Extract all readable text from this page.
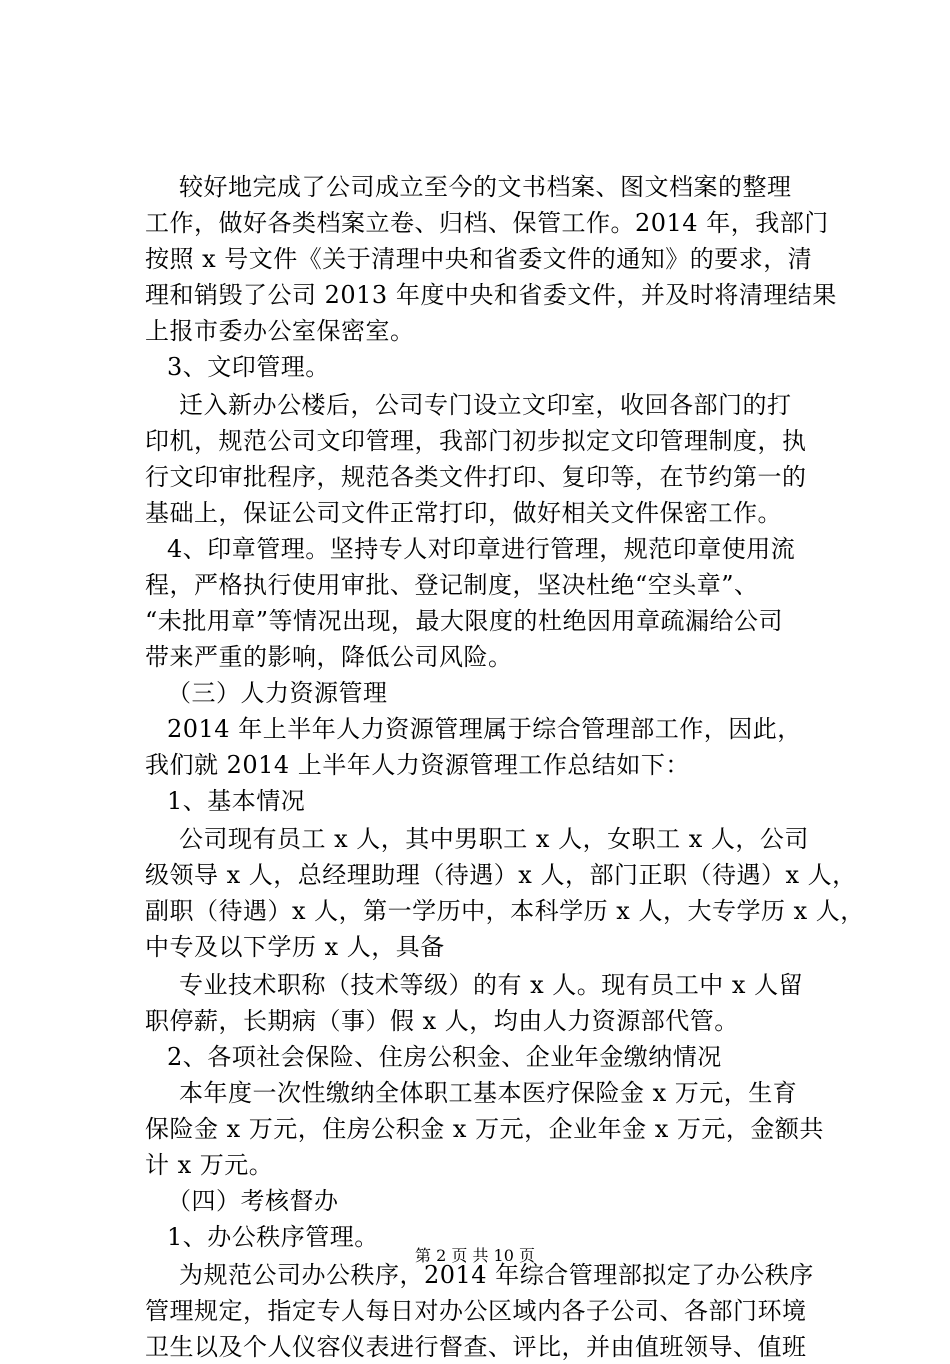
较好地完成了公司成立至今的文书档案、图文档案的整理
工作，做好各类档案立卷、归档、保管工作。2014 年，我部门
按照 x 号文件《关于清理中央和省委文件的通知》的要求，清
理和销毁了公司 2013 年度中央和省委文件，并及时将清理结果
上报市委办公室保密室。
3、文印管理。
迁入新办公楼后，公司专门设立文印室，收回各部门的打
印机，规范公司文印管理，我部门初步拟定文印管理制度，执
行文印审批程序，规范各类文件打印、复印等，在节约第一的
基础上，保证公司文件正常打印，做好相关文件保密工作。
4、印章管理。坚持专人对印章进行管理，规范印章使用流
程，严格执行使用审批、登记制度，坚决杜绝“空头章”、
“未批用章”等情况出现，最大限度的杜绝因用章疏漏给公司
带来严重的影响，降低公司风险。
（三）人力资源管理
2014 年上半年人力资源管理属于综合管理部工作，因此，
我们就 2014 上半年人力资源管理工作总结如下：
1、基本情况
公司现有员工 x 人，其中男职工 x 人，女职工 x 人，公司
级领导 x 人，总经理助理（待遇）x 人，部门正职（待遇）x 人，
副职（待遇）x 人，第一学历中，本科学历 x 人，大专学历 x 人，
中专及以下学历 x 人，具备
专业技术职称（技术等级）的有 x 人。现有员工中 x 人留
职停薪，长期病（事）假 x 人，均由人力资源部代管。
2、各项社会保险、住房公积金、企业年金缴纳情况
本年度一次性缴纳全体职工基本医疗保险金 x 万元，生育
保险金 x 万元，住房公积金 x 万元，企业年金 x 万元，金额共
计 x 万元。
（四）考核督办
1、办公秩序管理。
为规范公司办公秩序，2014 年综合管理部拟定了办公秩序
管理规定，指定专人每日对办公区域内各子公司、各部门环境
卫生以及个人仪容仪表进行督查、评比，并由值班领导、值班
第 2 页 共 10 页
